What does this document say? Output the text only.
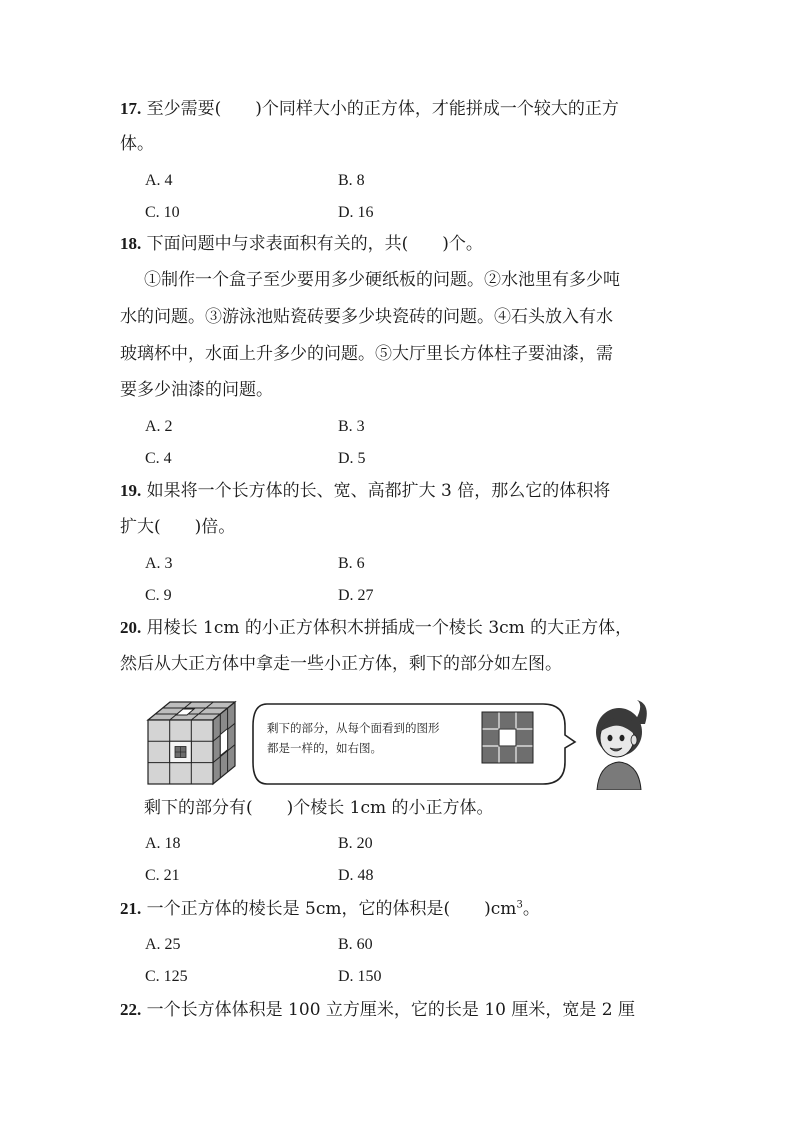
17. 至少需要(　　)个同样大小的正方体，才能拼成一个较大的正方
体。
A. 4	B. 8
C. 10	D. 16
18. 下面问题中与求表面积有关的，共(　　)个。
①制作一个盒子至少要用多少硬纸板的问题。②水池里有多少吨
水的问题。③游泳池贴瓷砖要多少块瓷砖的问题。④石头放入有水
玻璃杯中，水面上升多少的问题。⑤大厅里长方体柱子要油漆，需
要多少油漆的问题。
A. 2	B. 3
C. 4	D. 5
19. 如果将一个长方体的长、宽、高都扩大 3 倍，那么它的体积将
扩大(　　)倍。
A. 3	B. 6
C. 9	D. 27
20. 用棱长 1cm 的小正方体积木拼插成一个棱长 3cm 的大正方体，
然后从大正方体中拿走一些小正方体，剩下的部分如左图。
剩下的部分，从每个面看到的图形
都是一样的，如右图。
剩下的部分有(　　)个棱长 1cm 的小正方体。
A. 18	B. 20
C. 21	D. 48
21. 一个正方体的棱长是 5cm，它的体积是(　　)$cm^3$。
A. 25	B. 60
C. 125	D. 150
22. 一个长方体体积是 100 立方厘米，它的长是 10 厘米，宽是 2 厘
